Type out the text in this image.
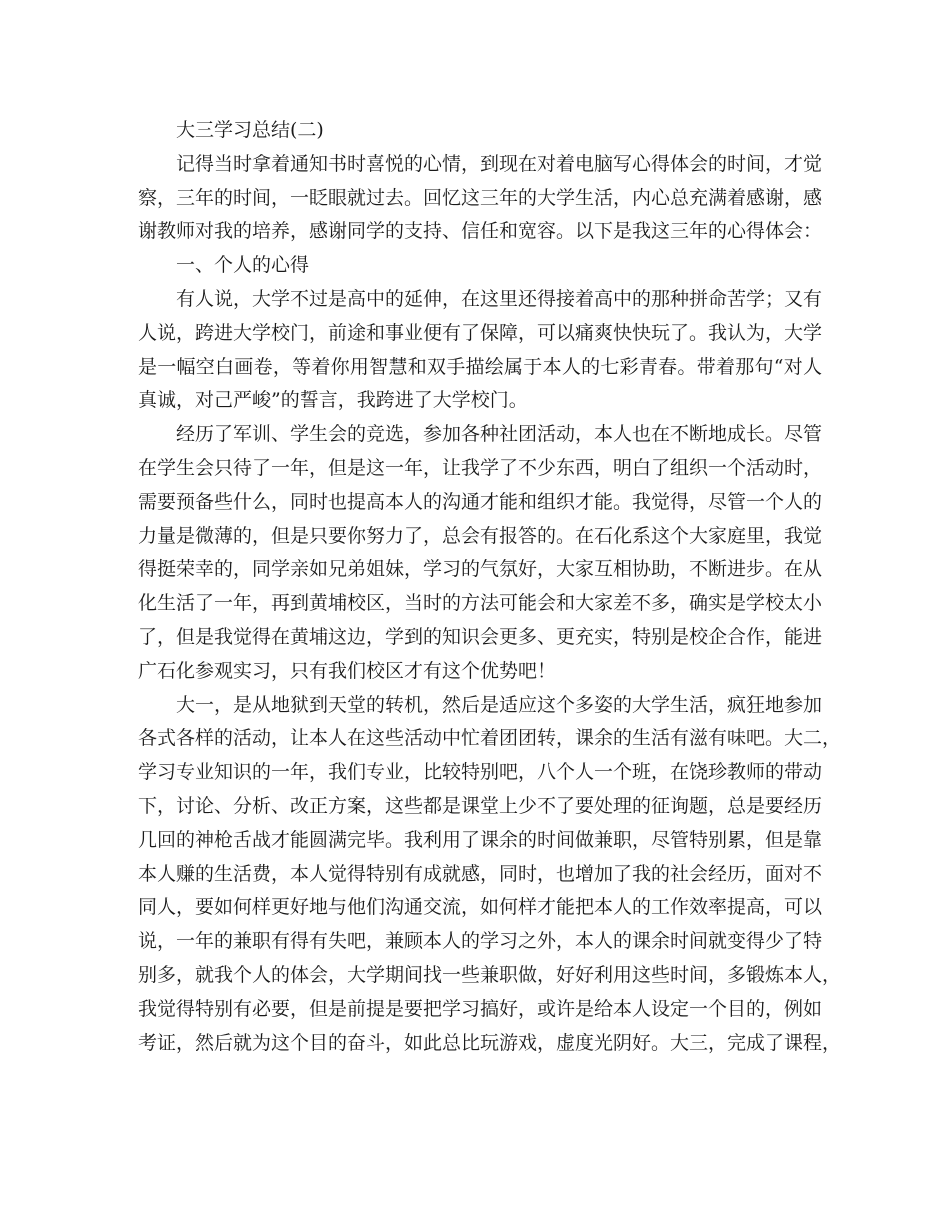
大三学习总结(二)
记得当时拿着通知书时喜悦的心情，到现在对着电脑写心得体会的时间，才觉
察，三年的时间，一眨眼就过去。回忆这三年的大学生活，内心总充满着感谢，感
谢教师对我的培养，感谢同学的支持、信任和宽容。以下是我这三年的心得体会：
一、个人的心得
有人说，大学不过是高中的延伸，在这里还得接着高中的那种拼命苦学；又有
人说，跨进大学校门，前途和事业便有了保障，可以痛爽快快玩了。我认为，大学
是一幅空白画卷，等着你用智慧和双手描绘属于本人的七彩青春。带着那句“对人
真诚，对己严峻”的誓言，我跨进了大学校门。
经历了军训、学生会的竞选，参加各种社团活动，本人也在不断地成长。尽管
在学生会只待了一年，但是这一年，让我学了不少东西，明白了组织一个活动时，
需要预备些什么，同时也提高本人的沟通才能和组织才能。我觉得，尽管一个人的
力量是微薄的，但是只要你努力了，总会有报答的。在石化系这个大家庭里，我觉
得挺荣幸的，同学亲如兄弟姐妹，学习的气氛好，大家互相协助，不断进步。在从
化生活了一年，再到黄埔校区，当时的方法可能会和大家差不多，确实是学校太小
了，但是我觉得在黄埔这边，学到的知识会更多、更充实，特别是校企合作，能进
广石化参观实习，只有我们校区才有这个优势吧！
大一，是从地狱到天堂的转机，然后是适应这个多姿的大学生活，疯狂地参加
各式各样的活动，让本人在这些活动中忙着团团转，课余的生活有滋有味吧。大二，
学习专业知识的一年，我们专业，比较特别吧，八个人一个班，在饶珍教师的带动
下，讨论、分析、改正方案，这些都是课堂上少不了要处理的征询题，总是要经历
几回的神枪舌战才能圆满完毕。我利用了课余的时间做兼职，尽管特别累，但是靠
本人赚的生活费，本人觉得特别有成就感，同时，也增加了我的社会经历，面对不
同人，要如何样更好地与他们沟通交流，如何样才能把本人的工作效率提高，可以
说，一年的兼职有得有失吧，兼顾本人的学习之外，本人的课余时间就变得少了特
别多，就我个人的体会，大学期间找一些兼职做，好好利用这些时间，多锻炼本人，
我觉得特别有必要，但是前提是要把学习搞好，或许是给本人设定一个目的，例如
考证，然后就为这个目的奋斗，如此总比玩游戏，虚度光阴好。大三，完成了课程，
